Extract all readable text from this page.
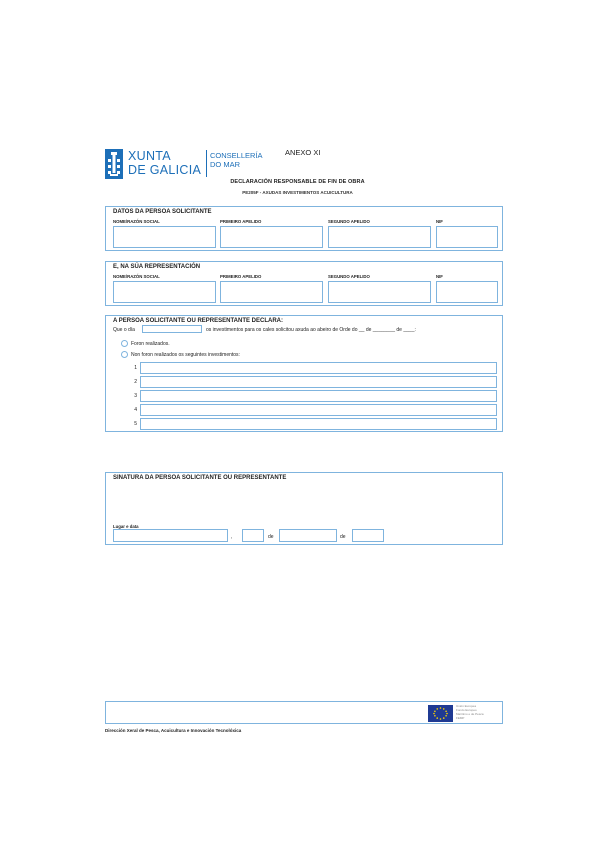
XUNTA
DE GALICIA
CONSELLERÍA
DO MAR
ANEXO XI
DECLARACIÓN RESPONSABLE DE FIN DE OBRA
PE205F - AXUDAS INVESTIMENTOS ACUICULTURA
DATOS DA PERSOA SOLICITANTE
NOME/RAZÓN SOCIAL	PRIMEIRO APELIDO	SEGUNDO APELIDO	NIF
E, NA SÚA REPRESENTACIÓN
NOME/RAZÓN SOCIAL	PRIMEIRO APELIDO	SEGUNDO APELIDO	NIF
A PERSOA SOLICITANTE OU REPRESENTANTE DECLARA:
Que o día	os investimentos para os cales solicitou axuda ao abeiro de Orde do __ de ________ de ____:
Foron realizados.
Non foron realizados os seguintes investimentos:
1
2
3
4
5
SINATURA DA PERSOA SOLICITANTE OU REPRESENTANTE
Lugar e data
,	de	de
Unión Europea
Fondo Europeo
Marítimo e de Pesca
FEMP
Dirección Xeral de Pesca, Acuicultura e Innovación Tecnolóxica
